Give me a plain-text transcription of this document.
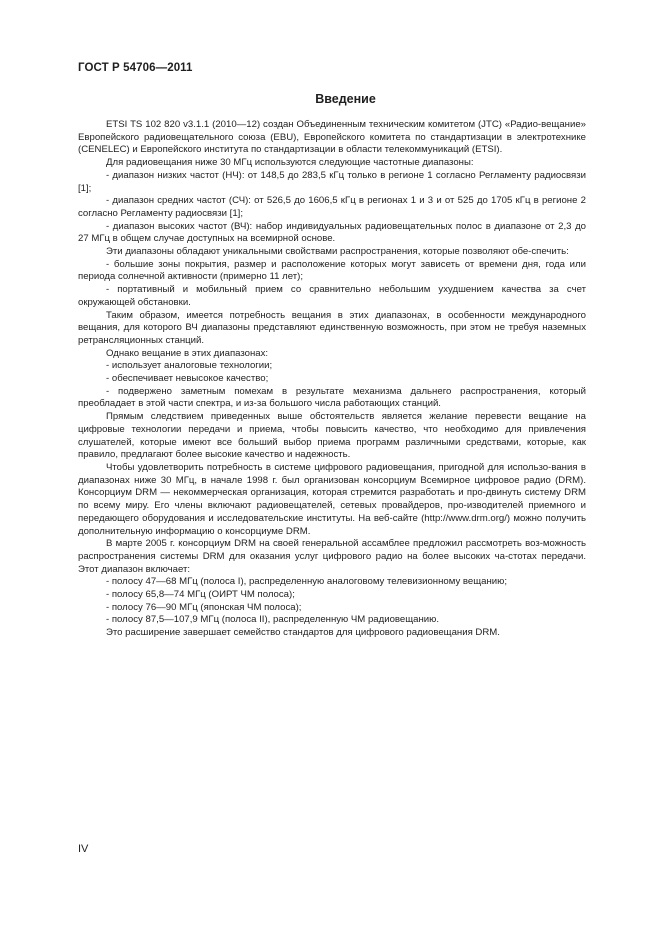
ГОСТ Р 54706—2011
Введение

ETSI TS 102 820 v3.1.1 (2010—12) создан Объединенным техническим комитетом (JTC) «Радио-вещание» Европейского радиовещательного союза (EBU), Европейского комитета по стандартизации в электротехнике (CENELEC) и Европейского института по стандартизации в области телекоммуникаций (ETSI).

Для радиовещания ниже 30 МГц используются следующие частотные диапазоны:

- диапазон низких частот (НЧ): от 148,5 до 283,5 кГц только в регионе 1 согласно Регламенту радиосвязи [1];

- диапазон средних частот (СЧ): от 526,5 до 1606,5 кГц в регионах 1 и 3 и от 525 до 1705 кГц в регионе 2 согласно Регламенту радиосвязи [1];

- диапазон высоких частот (ВЧ): набор индивидуальных радиовещательных полос в диапазоне от 2,3 до 27 МГц в общем случае доступных на всемирной основе.

Эти диапазоны обладают уникальными свойствами распространения, которые позволяют обе-спечить:

- большие зоны покрытия, размер и расположение которых могут зависеть от времени дня, года или периода солнечной активности (примерно 11 лет);

- портативный и мобильный прием со сравнительно небольшим ухудшением качества за счет окружающей обстановки.

Таким образом, имеется потребность вещания в этих диапазонах, в особенности международного вещания, для которого ВЧ диапазоны представляют единственную возможность, при этом не требуя наземных ретрансляционных станций.

Однако вещание в этих диапазонах:

- использует аналоговые технологии;

- обеспечивает невысокое качество;

- подвержено заметным помехам в результате механизма дальнего распространения, который преобладает в этой части спектра, и из-за большого числа работающих станций.

Прямым следствием приведенных выше обстоятельств является желание перевести вещание на цифровые технологии передачи и приема, чтобы повысить качество, что необходимо для привлечения слушателей, которые имеют все больший выбор приема программ различными средствами, которые, как правило, предлагают более высокие качество и надежность.

Чтобы удовлетворить потребность в системе цифрового радиовещания, пригодной для использо-вания в диапазонах ниже 30 МГц, в начале 1998 г. был организован консорциум Всемирное цифровое радио (DRM). Консорциум DRM — некоммерческая организация, которая стремится разработать и про-двинуть систему DRM по всему миру. Его члены включают радиовещателей, сетевых провайдеров, про-изводителей приемного и передающего оборудования и исследовательские институты. На веб-сайте (http://www.drm.org/) можно получить дополнительную информацию о консорциуме DRM.

В марте 2005 г. консорциум DRM на своей генеральной ассамблее предложил рассмотреть воз-можность распространения системы DRM для оказания услуг цифрового радио на более высоких ча-стотах передачи. Этот диапазон включает:

- полосу 47—68 МГц (полоса I), распределенную аналоговому телевизионному вещанию;

- полосу 65,8—74 МГц (ОИРТ ЧМ полоса);

- полосу 76—90 МГц (японская ЧМ полоса);

- полосу 87,5—107,9 МГц (полоса II), распределенную ЧМ радиовещанию.

Это расширение завершает семейство стандартов для цифрового радиовещания DRM.

IV
